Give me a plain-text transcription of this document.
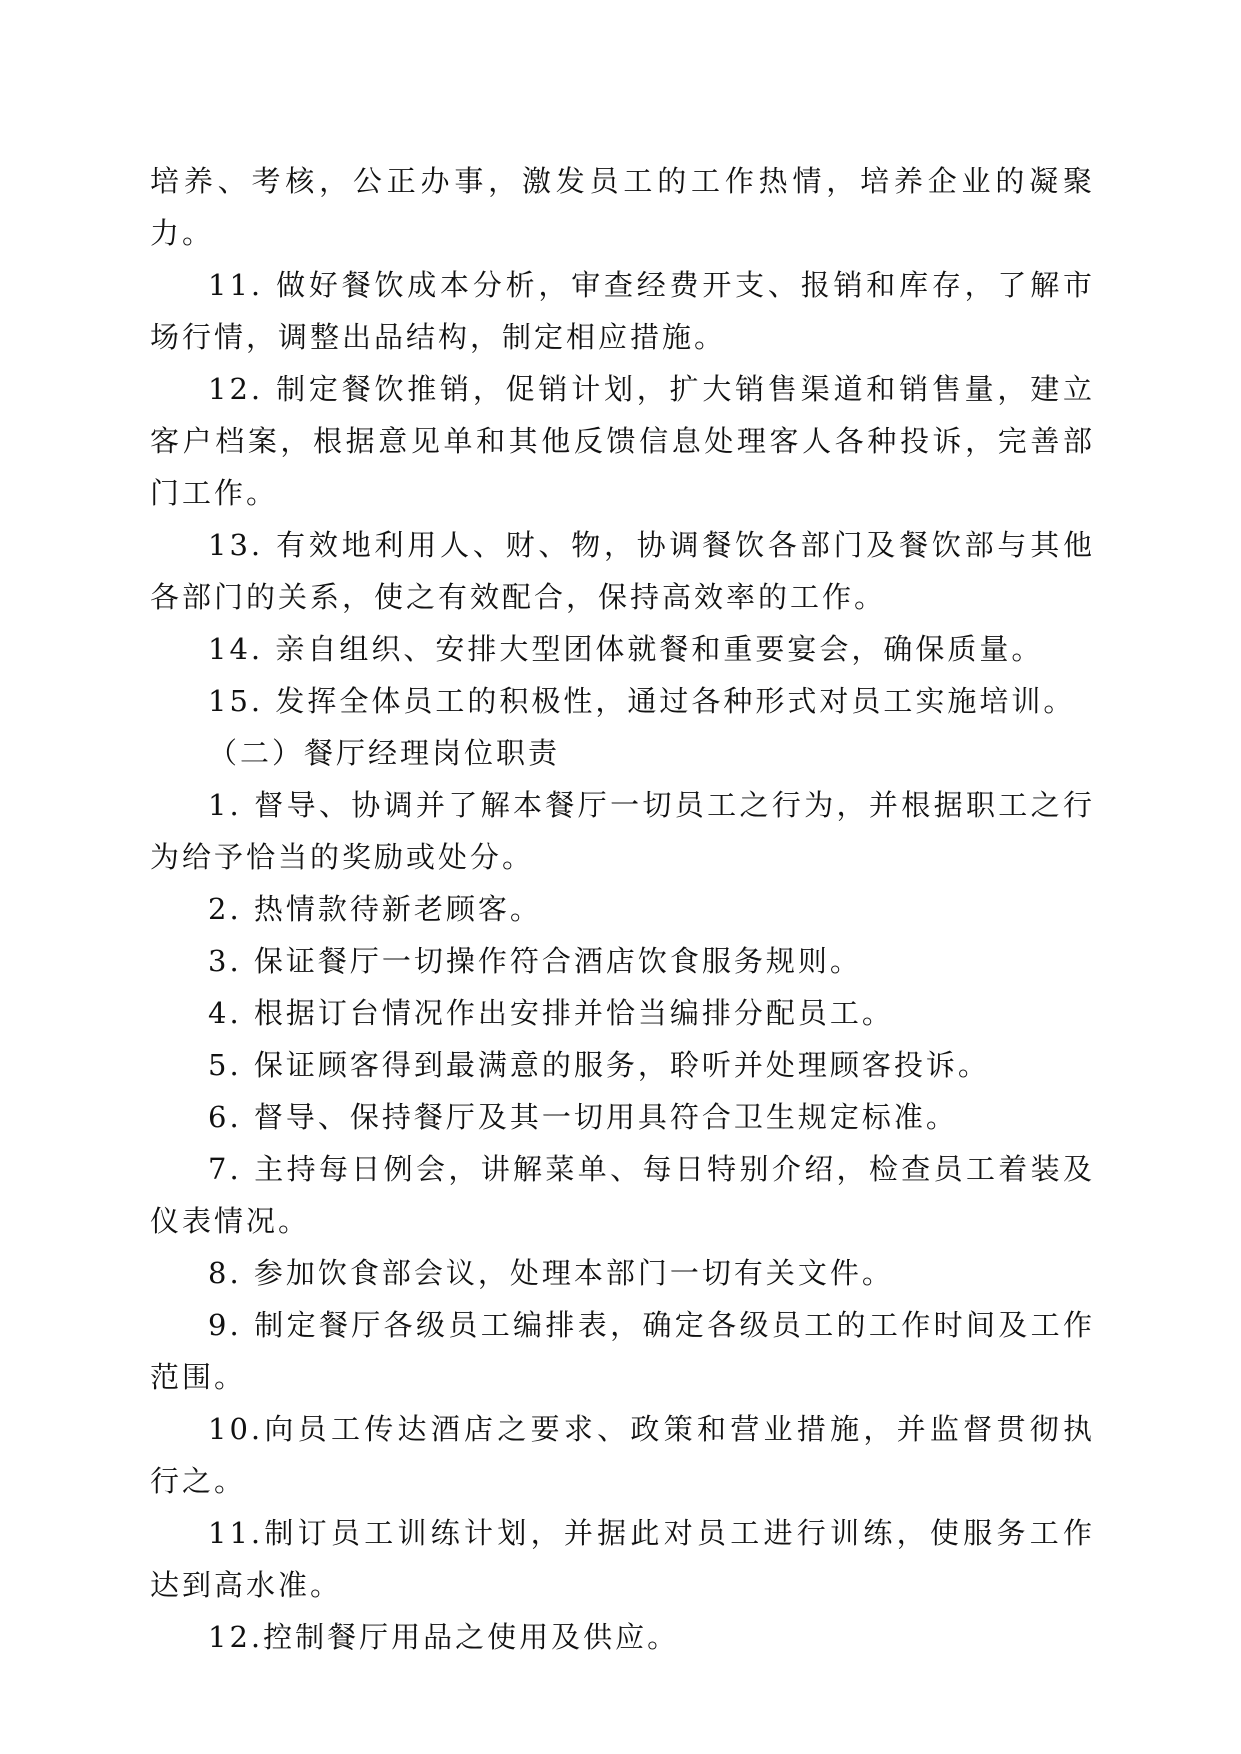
培养、考核，公正办事，激发员工的工作热情，培养企业的凝聚力。

11. 做好餐饮成本分析，审查经费开支、报销和库存，了解市场行情，调整出品结构，制定相应措施。

12. 制定餐饮推销，促销计划，扩大销售渠道和销售量，建立客户档案，根据意见单和其他反馈信息处理客人各种投诉，完善部门工作。

13. 有效地利用人、财、物，协调餐饮各部门及餐饮部与其他各部门的关系，使之有效配合，保持高效率的工作。

14. 亲自组织、安排大型团体就餐和重要宴会，确保质量。

15. 发挥全体员工的积极性，通过各种形式对员工实施培训。

（二）餐厅经理岗位职责

1. 督导、协调并了解本餐厅一切员工之行为，并根据职工之行为给予恰当的奖励或处分。

2. 热情款待新老顾客。

3. 保证餐厅一切操作符合酒店饮食服务规则。

4. 根据订台情况作出安排并恰当编排分配员工。

5. 保证顾客得到最满意的服务，聆听并处理顾客投诉。

6. 督导、保持餐厅及其一切用具符合卫生规定标准。

7. 主持每日例会，讲解菜单、每日特别介绍，检查员工着装及仪表情况。

8. 参加饮食部会议，处理本部门一切有关文件。

9. 制定餐厅各级员工编排表，确定各级员工的工作时间及工作范围。

10.向员工传达酒店之要求、政策和营业措施，并监督贯彻执行之。

11.制订员工训练计划，并据此对员工进行训练，使服务工作达到高水准。

12.控制餐厅用品之使用及供应。
